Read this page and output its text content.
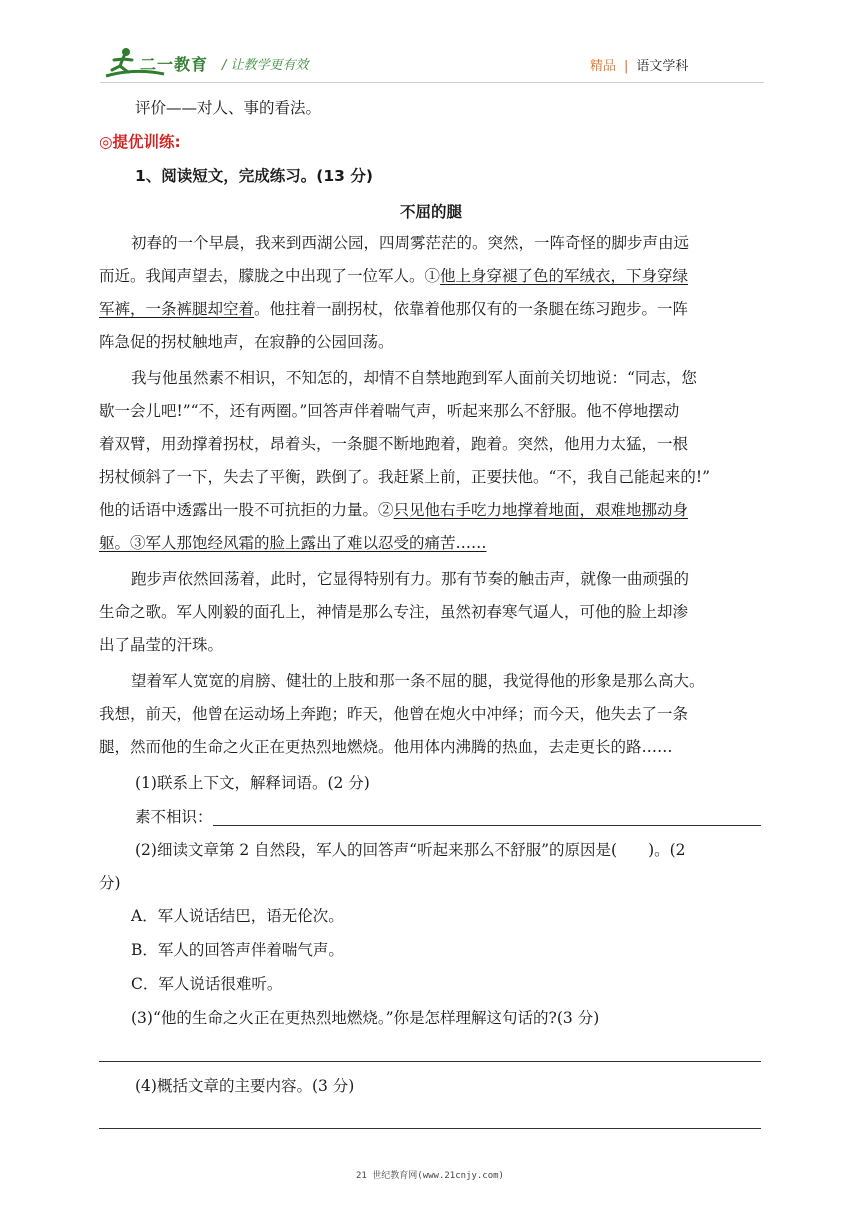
二一教育 / 让教学更有效	精品 | 语文学科
评价——对人、事的看法。
◎提优训练:
1、阅读短文，完成练习。(13 分)
不屈的腿
初春的一个早晨，我来到西湖公园，四周雾茫茫的。突然，一阵奇怪的脚步声由远
而近。我闻声望去，朦胧之中出现了一位军人。①他上身穿褪了色的军绒衣，下身穿绿
军裤，一条裤腿却空着。他拄着一副拐杖，依靠着他那仅有的一条腿在练习跑步。一阵
阵急促的拐杖触地声，在寂静的公园回荡。
我与他虽然素不相识，不知怎的，却情不自禁地跑到军人面前关切地说：“同志，您
歇一会儿吧!”“不，还有两圈。”回答声伴着喘气声，听起来那么不舒服。他不停地摆动
着双臂，用劲撑着拐杖，昂着头，一条腿不断地跑着，跑着。突然，他用力太猛，一根
拐杖倾斜了一下，失去了平衡，跌倒了。我赶紧上前，正要扶他。“不，我自己能起来的!”
他的话语中透露出一股不可抗拒的力量。②只见他右手吃力地撑着地面，艰难地挪动身
躯。③军人那饱经风霜的脸上露出了难以忍受的痛苦……
跑步声依然回荡着，此时，它显得特别有力。那有节奏的触击声，就像一曲顽强的
生命之歌。军人刚毅的面孔上，神情是那么专注，虽然初春寒气逼人，可他的脸上却渗
出了晶莹的汗珠。
望着军人宽宽的肩膀、健壮的上肢和那一条不屈的腿，我觉得他的形象是那么高大。
我想，前天，他曾在运动场上奔跑；昨天，他曾在炮火中冲绎；而今天，他失去了一条
腿，然而他的生命之火正在更热烈地燃烧。他用体内沸腾的热血，去走更长的路……
(1)联系上下文，解释词语。(2 分)
素不相识：
(2)细读文章第 2 自然段，军人的回答声“听起来那么不舒服”的原因是(　　)。(2
分)
A．军人说话结巴，语无伦次。
B．军人的回答声伴着喘气声。
C．军人说话很难听。
(3)“他的生命之火正在更热烈地燃烧。”你是怎样理解这句话的?(3 分)
(4)概括文章的主要内容。(3 分)
21 世纪教育网(www.21cnjy.com)
